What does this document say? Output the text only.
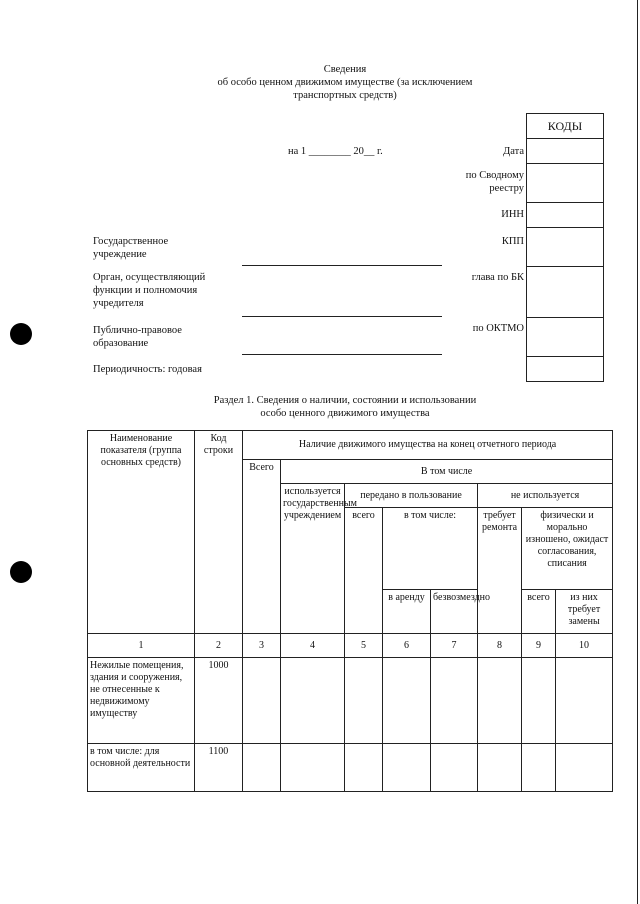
Сведения
об особо ценном движимом имуществе (за исключением
транспортных средств)
на 1 ________ 20__ г.
КОДЫ

Дата
по Сводному
реестру
ИНН
КПП
глава по БК
по ОКТМО
Государственное
учреждение
Орган, осуществляющий
функции и полномочия
учредителя
Публично-правовое
образование
Периодичность: годовая
Раздел 1. Сведения о наличии, состоянии и использовании
особо ценного движимого имущества
Наименование показателя (группа основных средств)	Код строки	Наличие движимого имущества на конец отчетного периода							
		Всего	В том числе						
			используется государственным учреждением	передано в пользование			не используется		
				всего	в том числе:		требует ремонта	физически и морально изношено, ожидаст согласования, списания	
					в аренду	безвозмездно		всего	из них требует замены
1	2	3	4	5	6	7	8	9	10
Нежилые помещения, здания и сооружения, не отнесенные к недвижимому имуществу	1000								
в том числе: для основной деятельности	1100								
